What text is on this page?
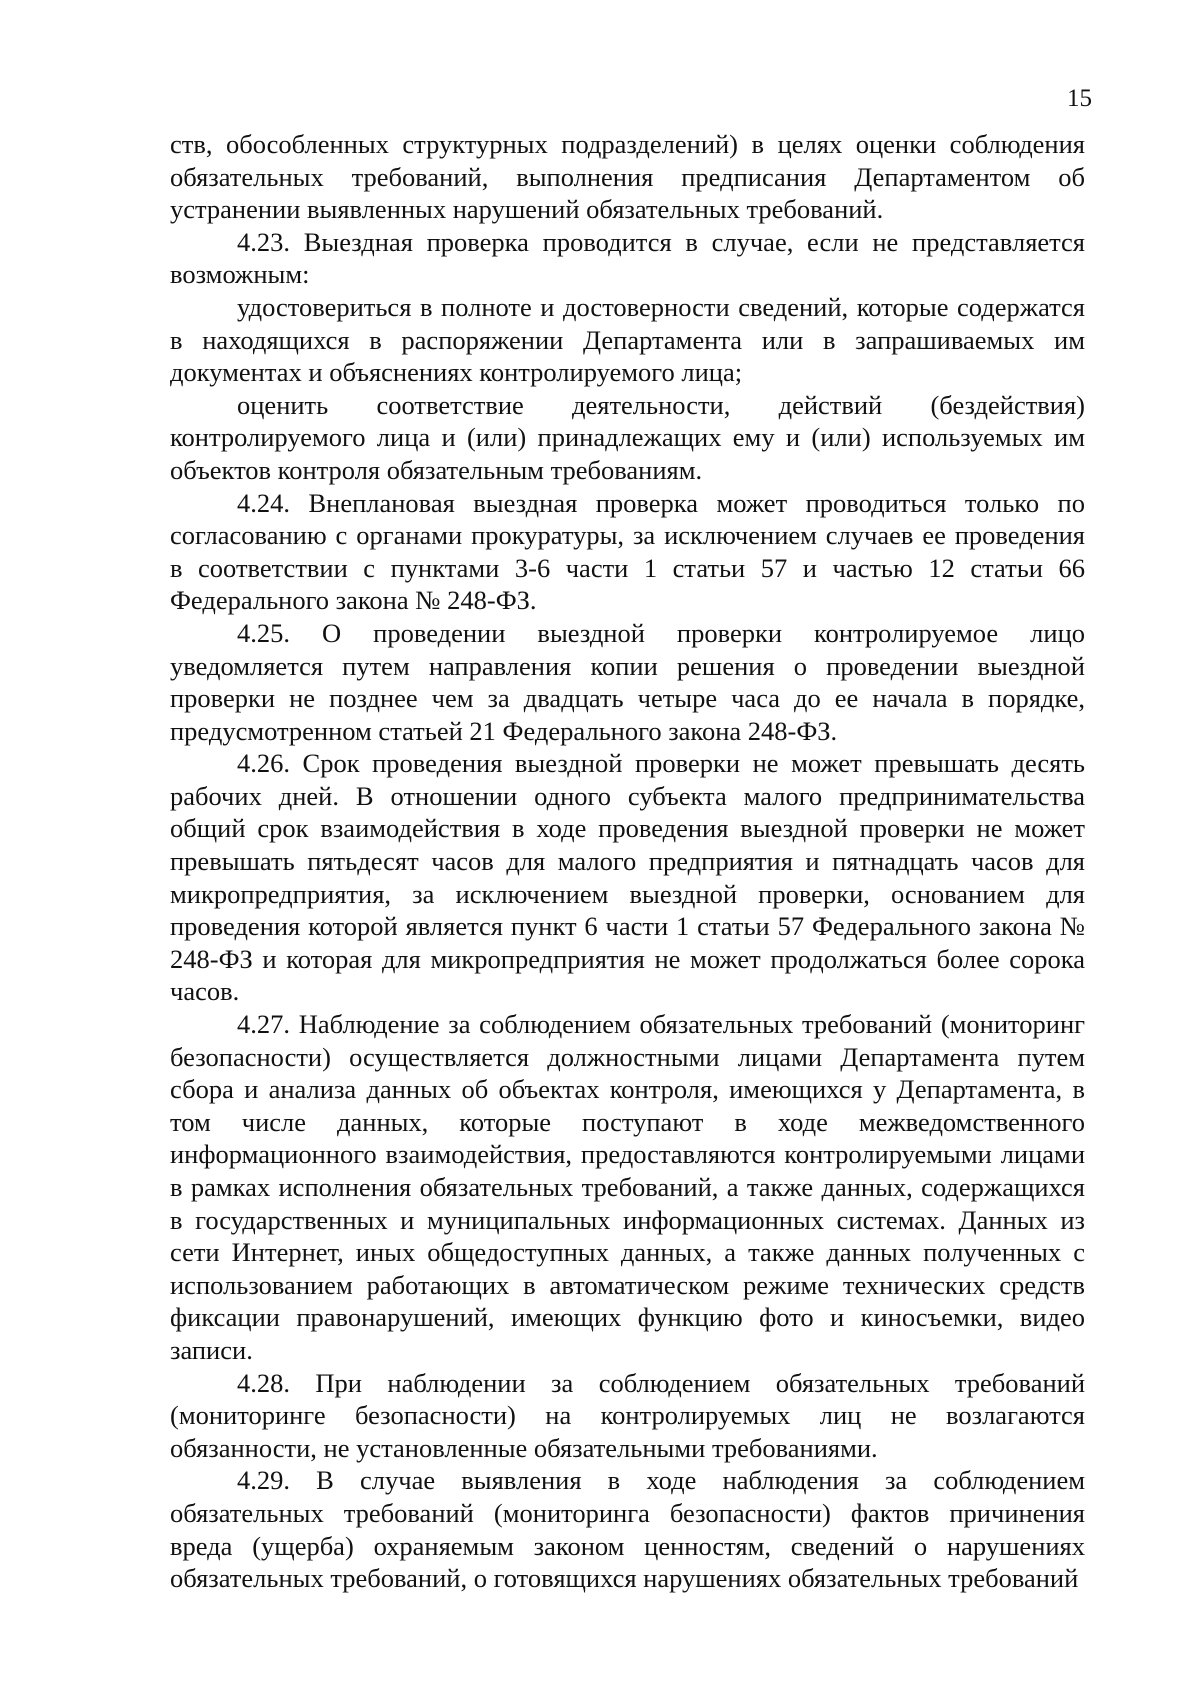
15

ств, обособленных структурных подразделений) в целях оценки соблюдения обязательных требований, выполнения предписания Департаментом об устранении выявленных нарушений обязательных требований.

4.23. Выездная проверка проводится в случае, если не представляется возможным:

удостовериться в полноте и достоверности сведений, которые содержатся в находящихся в распоряжении Департамента или в запрашиваемых им документах и объяснениях контролируемого лица;

оценить соответствие деятельности, действий (бездействия) контролируемого лица и (или) принадлежащих ему и (или) используемых им объектов контроля обязательным требованиям.

4.24. Внеплановая выездная проверка может проводиться только по согласованию с органами прокуратуры, за исключением случаев ее проведения в соответствии с пунктами 3-6 части 1 статьи 57 и частью 12 статьи 66 Федерального закона № 248-ФЗ.

4.25. О проведении выездной проверки контролируемое лицо уведомляется путем направления копии решения о проведении выездной проверки не позднее чем за двадцать четыре часа до ее начала в порядке, предусмотренном статьей 21 Федерального закона 248-ФЗ.

4.26. Срок проведения выездной проверки не может превышать десять рабочих дней. В отношении одного субъекта малого предпринимательства общий срок взаимодействия в ходе проведения выездной проверки не может превышать пятьдесят часов для малого предприятия и пятнадцать часов для микропредприятия, за исключением выездной проверки, основанием для проведения которой является пункт 6 части 1 статьи 57 Федерального закона № 248-ФЗ и которая для микропредприятия не может продолжаться более сорока часов.

4.27. Наблюдение за соблюдением обязательных требований (мониторинг безопасности) осуществляется должностными лицами Департамента путем сбора и анализа данных об объектах контроля, имеющихся у Департамента, в том числе данных, которые поступают в ходе межведомственного информационного взаимодействия, предоставляются контролируемыми лицами в рамках исполнения обязательных требований, а также данных, содержащихся в государственных и муниципальных информационных системах. Данных из сети Интернет, иных общедоступных данных, а также данных полученных с использованием работающих в автоматическом режиме технических средств фиксации правонарушений, имеющих функцию фото и киносъемки, видео записи.

4.28. При наблюдении за соблюдением обязательных требований (мониторинге безопасности) на контролируемых лиц не возлагаются обязанности, не установленные обязательными требованиями.

4.29. В случае выявления в ходе наблюдения за соблюдением обязательных требований (мониторинга безопасности) фактов причинения вреда (ущерба) охраняемым законом ценностям, сведений о нарушениях обязательных требований, о готовящихся нарушениях обязательных требований
